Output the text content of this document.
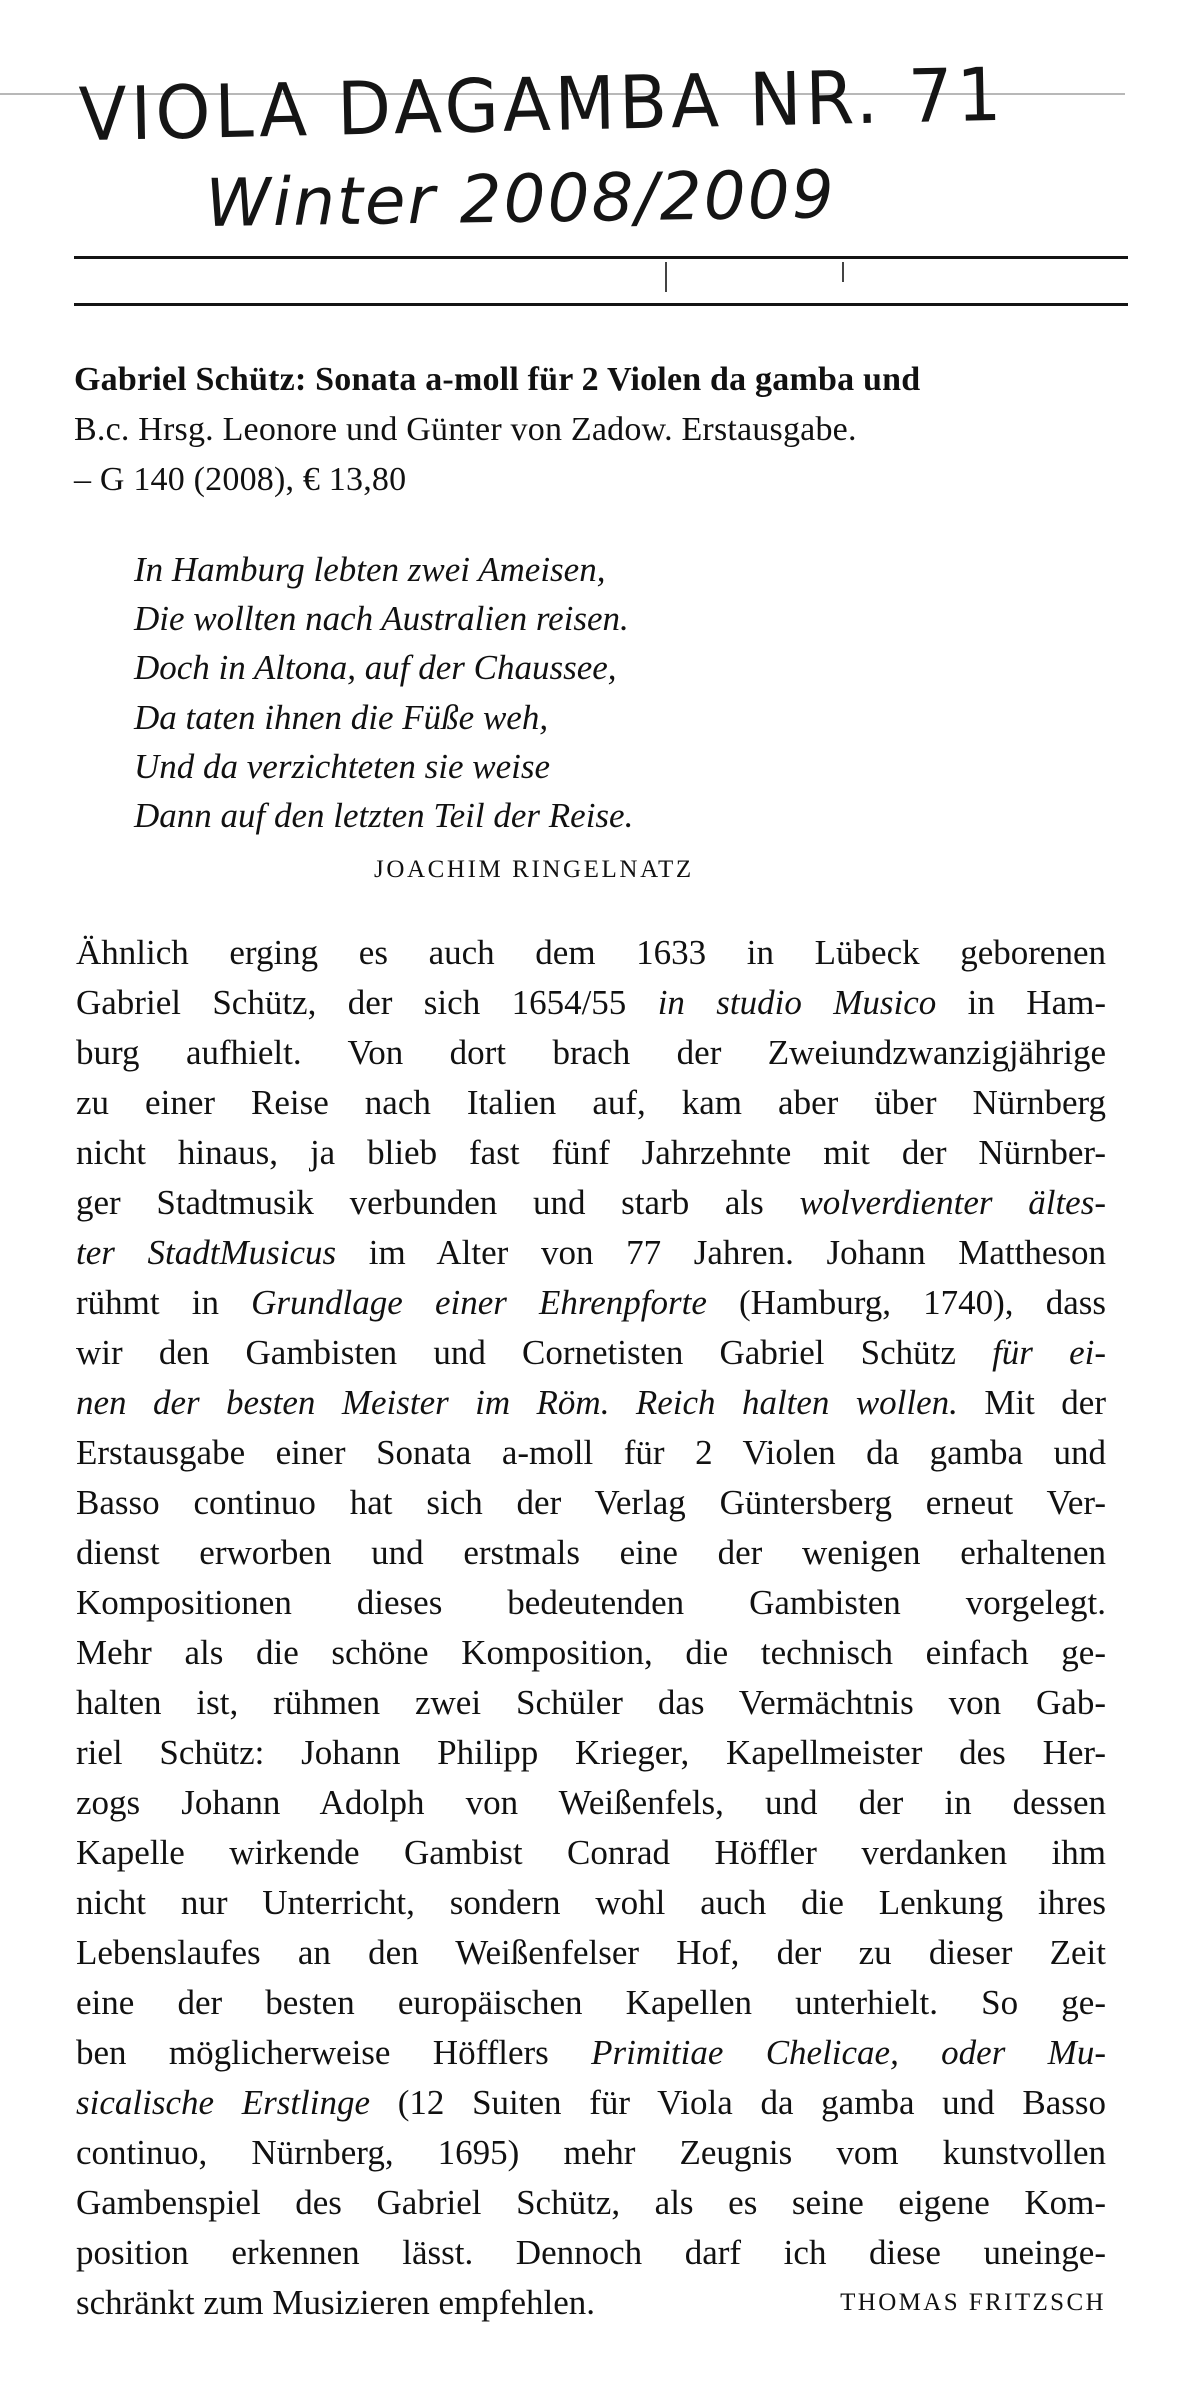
VIOLA DAGAMBA NR. 71
Winter 2008/2009
Gabriel Schütz: Sonata a-moll für 2 Violen da gamba und
B.c. Hrsg. Leonore und Günter von Zadow. Erstausgabe.
– G 140 (2008), € 13,80
In Hamburg lebten zwei Ameisen,
Die wollten nach Australien reisen.
Doch in Altona, auf der Chaussee,
Da taten ihnen die Füße weh,
Und da verzichteten sie weise
Dann auf den letzten Teil der Reise.
JOACHIM RINGELNATZ
Ähnlich erging es auch dem 1633 in Lübeck geborenen
Gabriel Schütz, der sich 1654/55 in studio Musico in Ham-
burg aufhielt. Von dort brach der Zweiundzwanzigjährige
zu einer Reise nach Italien auf, kam aber über Nürnberg
nicht hinaus, ja blieb fast fünf Jahrzehnte mit der Nürnber-
ger Stadtmusik verbunden und starb als wolverdienter ältes-
ter StadtMusicus im Alter von 77 Jahren. Johann Mattheson
rühmt in Grundlage einer Ehrenpforte (Hamburg, 1740), dass
wir den Gambisten und Cornetisten Gabriel Schütz für ei-
nen der besten Meister im Röm. Reich halten wollen. Mit der
Erstausgabe einer Sonata a-moll für 2 Violen da gamba und
Basso continuo hat sich der Verlag Güntersberg erneut Ver-
dienst erworben und erstmals eine der wenigen erhaltenen
Kompositionen dieses bedeutenden Gambisten vorgelegt.
Mehr als die schöne Komposition, die technisch einfach ge-
halten ist, rühmen zwei Schüler das Vermächtnis von Gab-
riel Schütz: Johann Philipp Krieger, Kapellmeister des Her-
zogs Johann Adolph von Weißenfels, und der in dessen
Kapelle wirkende Gambist Conrad Höffler verdanken ihm
nicht nur Unterricht, sondern wohl auch die Lenkung ihres
Lebenslaufes an den Weißenfelser Hof, der zu dieser Zeit
eine der besten europäischen Kapellen unterhielt. So ge-
ben möglicherweise Höfflers Primitiae Chelicae, oder Mu-
sicalische Erstlinge (12 Suiten für Viola da gamba und Basso
continuo, Nürnberg, 1695) mehr Zeugnis vom kunstvollen
Gambenspiel des Gabriel Schütz, als es seine eigene Kom-
position erkennen lässt. Dennoch darf ich diese uneinge-
schränkt zum Musizieren empfehlen.	THOMAS FRITZSCH
